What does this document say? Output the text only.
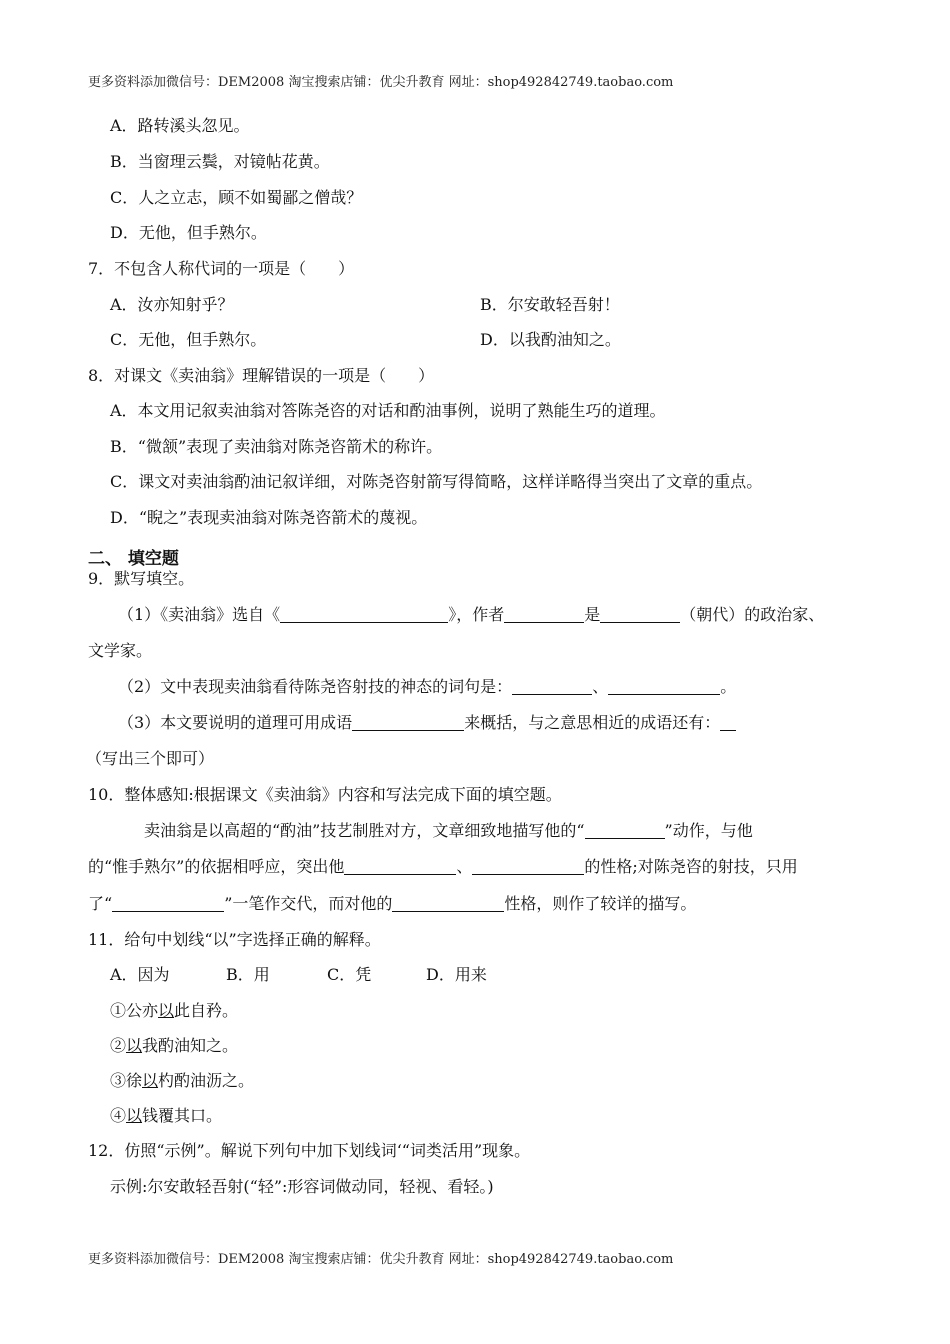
更多资料添加微信号：DEM2008 淘宝搜索店铺：优尖升教育 网址：shop492842749.taobao.com
A．路转溪头忽见。
B．当窗理云鬓，对镜帖花黄。
C．人之立志，顾不如蜀鄙之僧哉？
D．无他，但手熟尔。
7．不包含人称代词的一项是（　　）
A．汝亦知射乎？	B．尔安敢轻吾射！
C．无他，但手熟尔。	D．以我酌油知之。
8．对课文《卖油翁》理解错误的一项是（　　）
A．本文用记叙卖油翁对答陈尧咨的对话和酌油事例，说明了熟能生巧的道理。
B．“微颔”表现了卖油翁对陈尧咨箭术的称许。
C．课文对卖油翁酌油记叙详细，对陈尧咨射箭写得简略，这样详略得当突出了文章的重点。
D．“睨之”表现卖油翁对陈尧咨箭术的蔑视。
二、 填空题
9．默写填空。
（1）《卖油翁》选自《	》，作者	是	（朝代）的政治家、
文学家。
（2）文中表现卖油翁看待陈尧咨射技的神态的词句是：	、	。
（3）本文要说明的道理可用成语	来概括，与之意思相近的成语还有：
（写出三个即可）
10．整体感知:根据课文《卖油翁》内容和写法完成下面的填空题。
卖油翁是以高超的“酌油”技艺制胜对方，文章细致地描写他的“	”动作，与他
的“惟手熟尔”的依据相呼应，突出他	、	的性格;对陈尧咨的射技，只用
了“	”一笔作交代，而对他的	性格，则作了较详的描写。
11．给句中划线“以”字选择正确的解释。
A．因为	B．用	C．凭	D．用来
①公亦以此自矜。
②以我酌油知之。
③徐以杓酌油沥之。
④以钱覆其口。
12．仿照“示例”。解说下列句中加下划线词‘“词类活用”现象。
示例:尔安敢轻吾射(“轻”:形容词做动同，轻视、看轻。)
更多资料添加微信号：DEM2008 淘宝搜索店铺：优尖升教育 网址：shop492842749.taobao.com
